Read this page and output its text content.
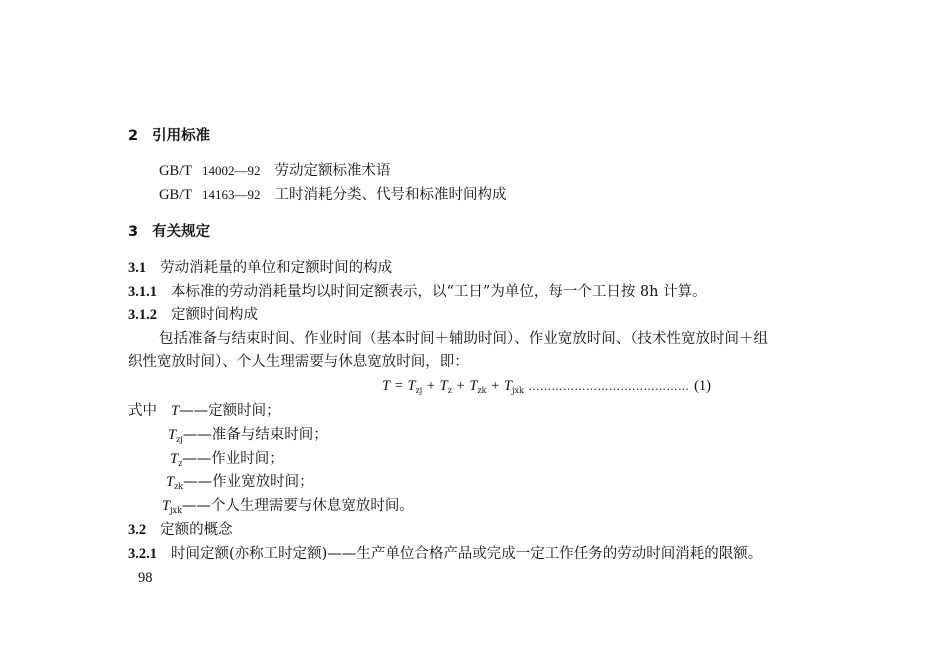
2 引用标准
GB/T 14002—92 劳动定额标准术语
GB/T 14163—92 工时消耗分类、代号和标准时间构成
3 有关规定
3.1 劳动消耗量的单位和定额时间的构成
3.1.1 本标准的劳动消耗量均以时间定额表示，以“工日”为单位，每一个工日按 8h 计算。
3.1.2 定额时间构成
包括准备与结束时间、作业时间（基本时间＋辅助时间）、作业宽放时间、（技术性宽放时间＋组
织性宽放时间）、个人生理需要与休息宽放时间，即：
$T = T_{zj} + T_z + T_{zk} + T_{jxk}$ …………………………………… (1)
式中 T——定额时间；
$T_{zj}——$准备与结束时间；
$T_z——$作业时间；
$T_{zk}——$作业宽放时间；
$T_{jxk}——$个人生理需要与休息宽放时间。
3.2 定额的概念
3.2.1 时间定额(亦称工时定额)——生产单位合格产品或完成一定工作任务的劳动时间消耗的限额。
98
